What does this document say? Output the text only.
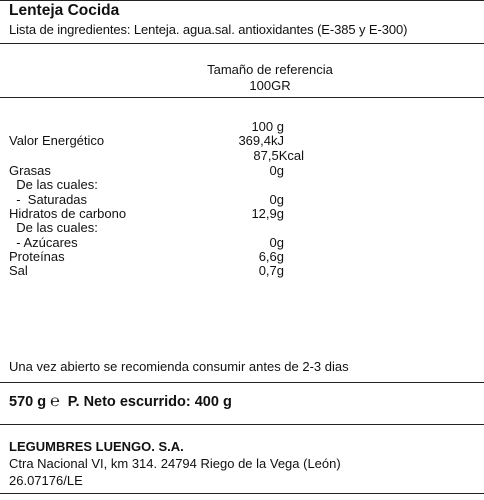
Lenteja Cocida
Lista de ingredientes: Lenteja. agua.sal. antioxidantes (E-385 y E-300)
Tamaño de referencia
100GR
100 g
Valor Energético	369,4kJ
87,5Kcal
Grasas	0g
De las cuales:
-  Saturadas	0g
Hidratos de carbono	12,9g
De las cuales:
- Azúcares	0g
Proteínas	6,6g
Sal	0,7g
Una vez abierto se recomienda consumir antes de 2-3 dias
570 g ℮ P. Neto escurrido: 400 g
LEGUMBRES LUENGO. S.A.
Ctra Nacional VI, km 314. 24794 Riego de la Vega (León)
26.07176/LE
